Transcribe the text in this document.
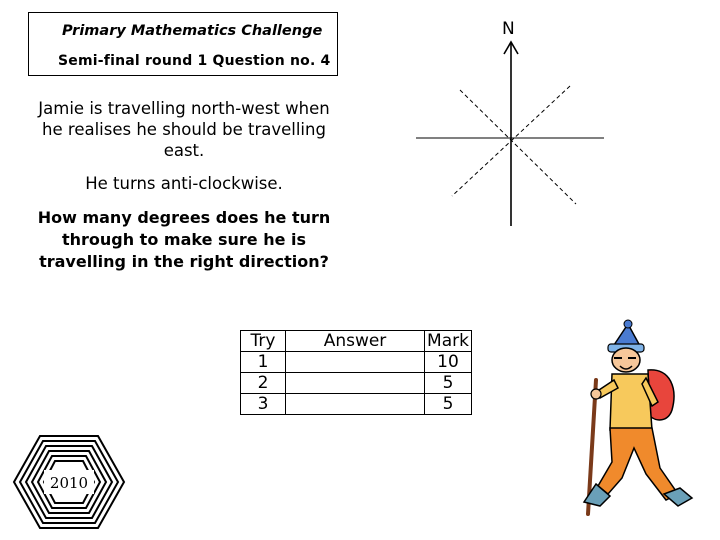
Primary Mathematics Challenge
Semi-final round 1 Question no. 4
Jamie is travelling north-west when he realises he should be travelling east.
He turns anti-clockwise.
How many degrees does he turn through to make sure he is travelling in the right direction?
N
Try	Answer	Mark
1		10
2		5
3		5
2010
